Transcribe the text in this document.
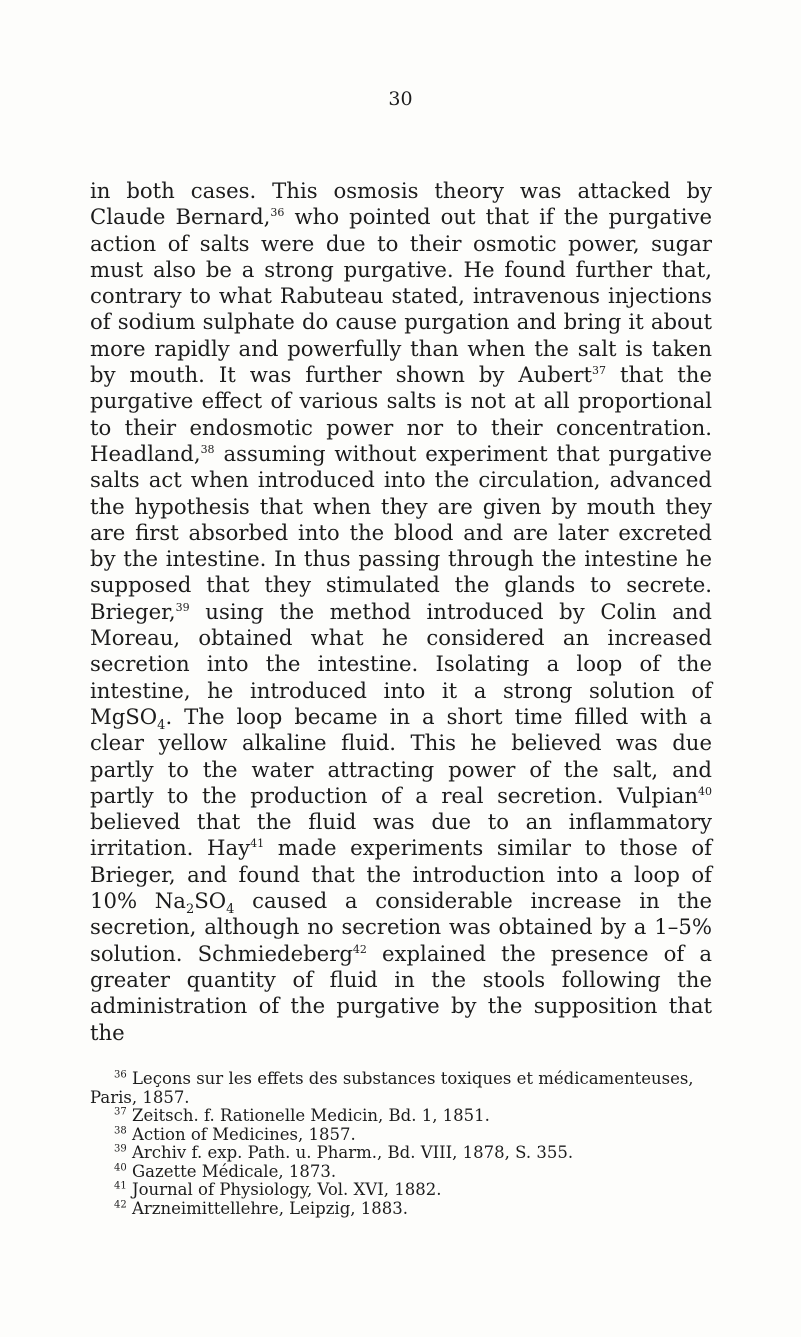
30

in both cases. This osmosis theory was attacked by Claude Bernard,$^{36}$ who pointed out that if the purgative action of salts were due to their osmotic power, sugar must also be a strong purgative. He found further that, contrary to what Rabuteau stated, intravenous injections of sodium sulphate do cause purgation and bring it about more rapidly and powerfully than when the salt is taken by mouth. It was further shown by Aubert$^{37}$ that the purgative effect of various salts is not at all proportional to their endosmotic power nor to their concentration. Headland,$^{38}$ assuming without experiment that purgative salts act when introduced into the circulation, advanced the hypothesis that when they are given by mouth they are first absorbed into the blood and are later excreted by the intestine. In thus passing through the intestine he supposed that they stimulated the glands to secrete. Brieger,$^{39}$ using the method introduced by Colin and Moreau, obtained what he considered an increased secretion into the intestine. Isolating a loop of the intestine, he introduced into it a strong solution of MgSO$_4$. The loop became in a short time filled with a clear yellow alkaline fluid. This he believed was due partly to the water attracting power of the salt, and partly to the production of a real secretion. Vulpian$^{40}$ believed that the fluid was due to an inflammatory irritation. Hay$^{41}$ made experiments similar to those of Brieger, and found that the introduction into a loop of 10% $Na_2SO_4$ caused a considerable increase in the secretion, although no secretion was obtained by a 1–5% solution. Schmiedeberg$^{42}$ explained the presence of a greater quantity of fluid in the stools following the administration of the purgative by the supposition that the

$^{36}$ Leçons sur les effets des substances toxiques et médicamenteuses, Paris, 1857.

$^{37}$ Zeitsch. f. Rationelle Medicin, Bd. 1, 1851.

$^{38}$ Action of Medicines, 1857.

$^{39}$ Archiv f. exp. Path. u. Pharm., Bd. VIII, 1878, S. 355.

$^{40}$ Gazette Médicale, 1873.

$^{41}$ Journal of Physiology, Vol. XVI, 1882.

$^{42}$ Arzneimittellehre, Leipzig, 1883.
